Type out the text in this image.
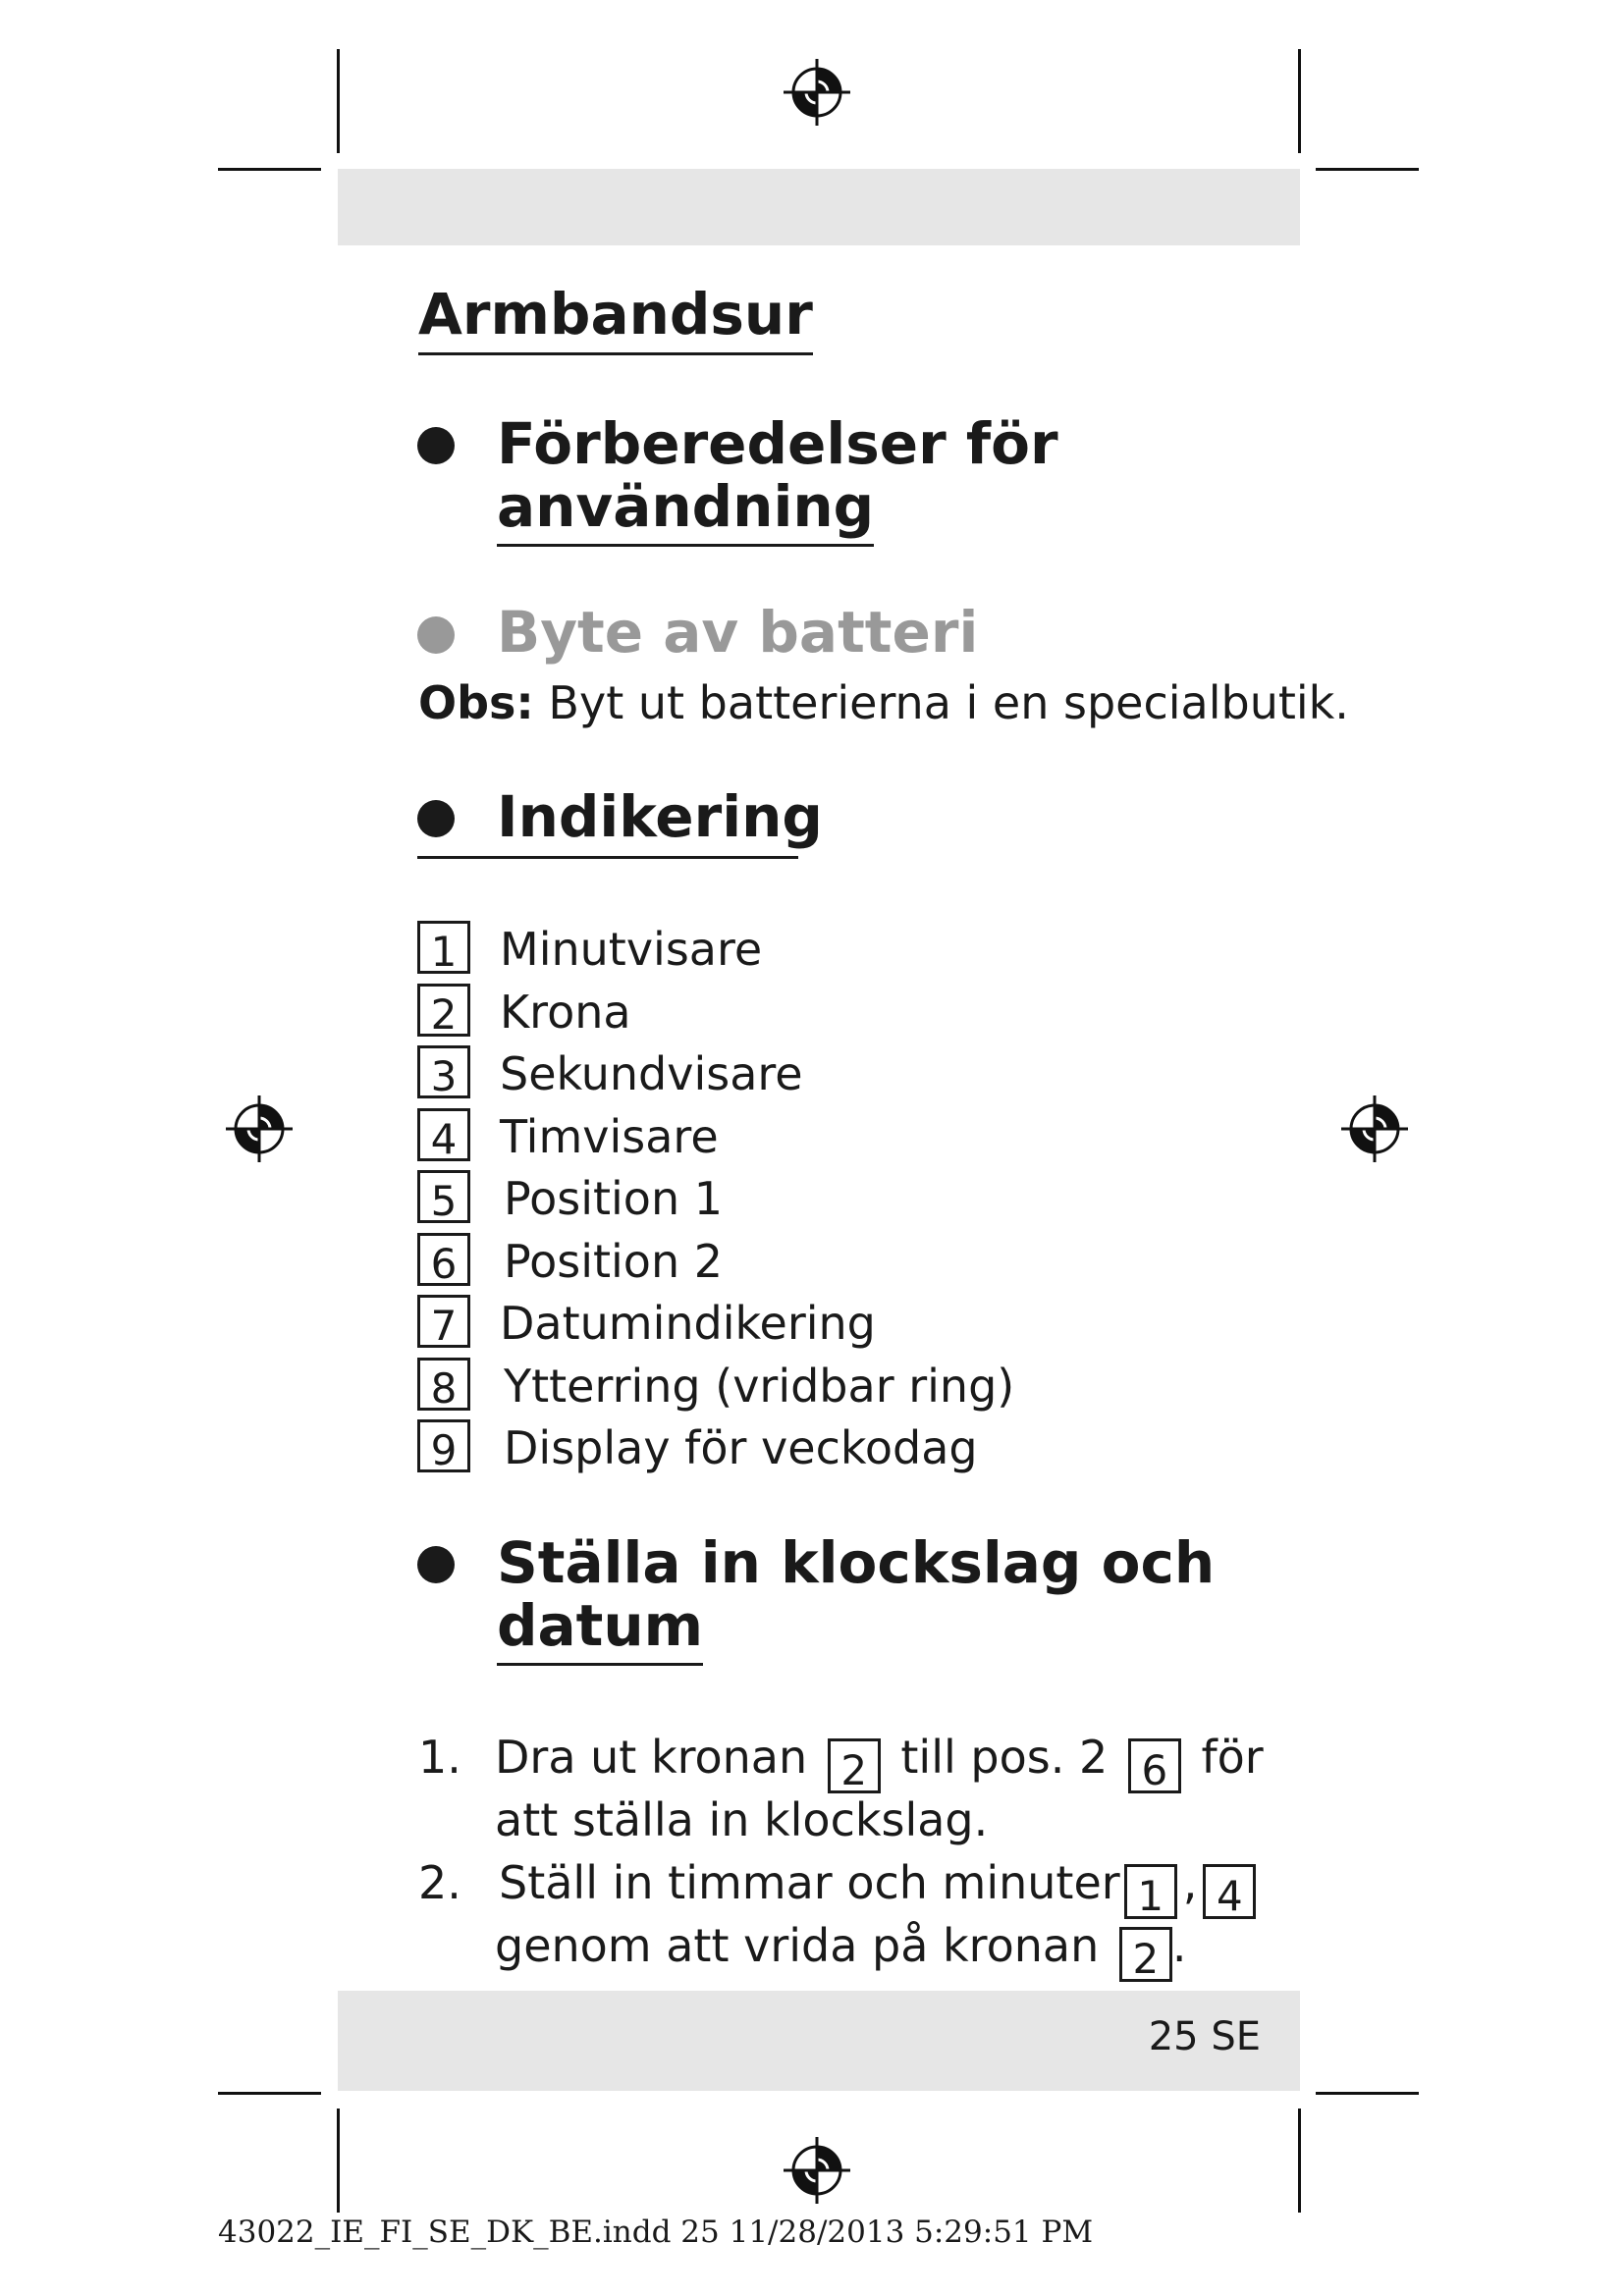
Armbandsur
Förberedelser för
användning
Byte av batteri
Obs: Byt ut batterierna i en specialbutik.
Indikering
1 Minutvisare
2 Krona
3 Sekundvisare
4 Timvisare
5 Position 1
6 Position 2
7 Datumindikering
8 Ytterring (vridbar ring)
9 Display för veckodag
Ställa in klockslag och
datum
1. Dra ut kronan 2 till pos. 2 6 för
att ställa in klockslag.
2. Ställ in timmar och minuter 1 , 4
genom att vrida på kronan 2 .
25 SE
43022_IE_FI_SE_DK_BE.indd 25 11/28/2013 5:29:51 PM
